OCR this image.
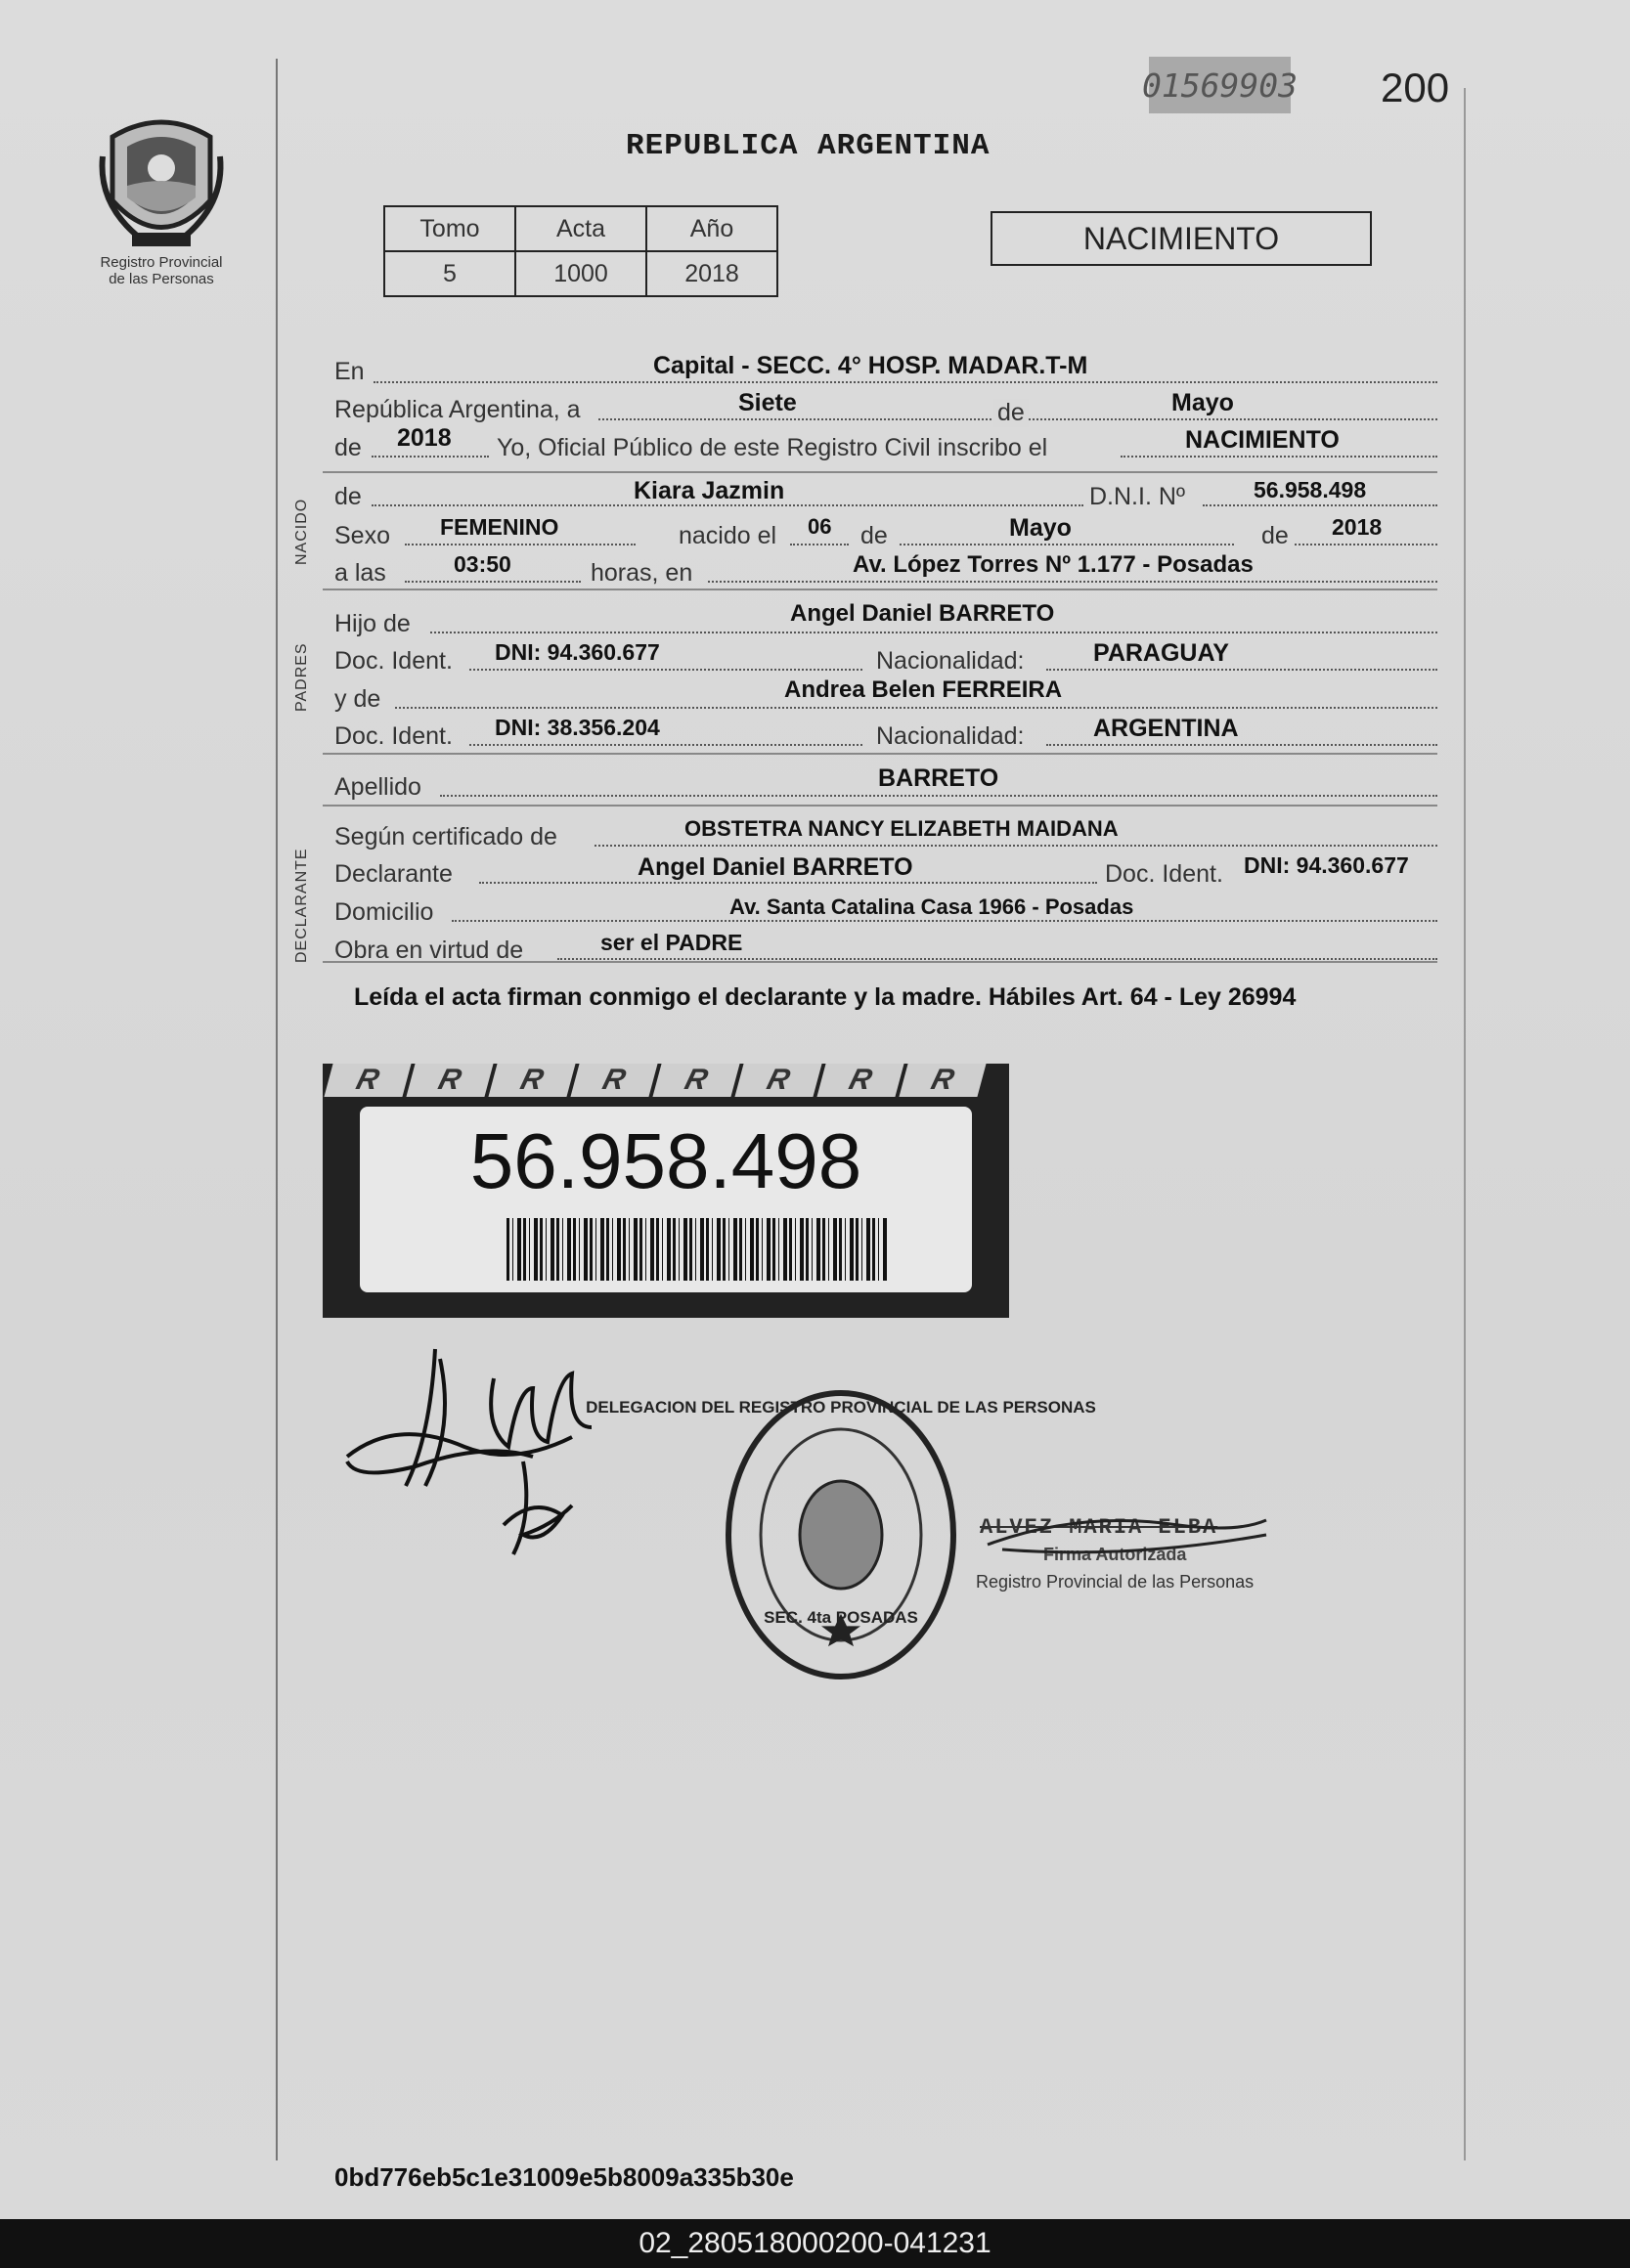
Registro Provincial
de las Personas
01569903 200
REPUBLICA ARGENTINA
Tomo	Acta	Año
5	1000	2018
NACIMIENTO
NACIDO
PADRES
DECLARANTE
En	Capital - SECC. 4° HOSP. MADAR.T-M
República Argentina, a	Siete	de	Mayo
de 2018 Yo, Oficial Público de este Registro Civil inscribo el	NACIMIENTO
de	Kiara Jazmin	D.N.I. Nº	56.958.498
Sexo FEMENINO	nacido el 06 de	Mayo	de 2018
a las	03:50	horas, en	Av. López Torres Nº 1.177 - Posadas
Hijo de	Angel Daniel BARRETO
Doc. Ident. DNI: 94.360.677	Nacionalidad:	PARAGUAY
y de	Andrea Belen FERREIRA
Doc. Ident. DNI: 38.356.204	Nacionalidad:	ARGENTINA
Apellido	BARRETO
Según certificado de	OBSTETRA NANCY ELIZABETH MAIDANA
Declarante	Angel Daniel BARRETO	Doc. Ident. DNI: 94.360.677
Domicilio	Av. Santa Catalina Casa 1966 - Posadas
Obra en virtud de	ser el PADRE
Leída el acta firman conmigo el declarante y la madre. Hábiles Art. 64 - Ley 26994
R	R	R	R	R	R	R	R
56.958.498
DELEGACION DEL REGISTRO PROVINCIAL DE LAS PERSONAS
SEC. 4ta POSADAS
ALVEZ MARIA ELBA
Firma Autorizada
Registro Provincial de las Personas
0bd776eb5c1e31009e5b8009a335b30e
02_280518000200-041231
